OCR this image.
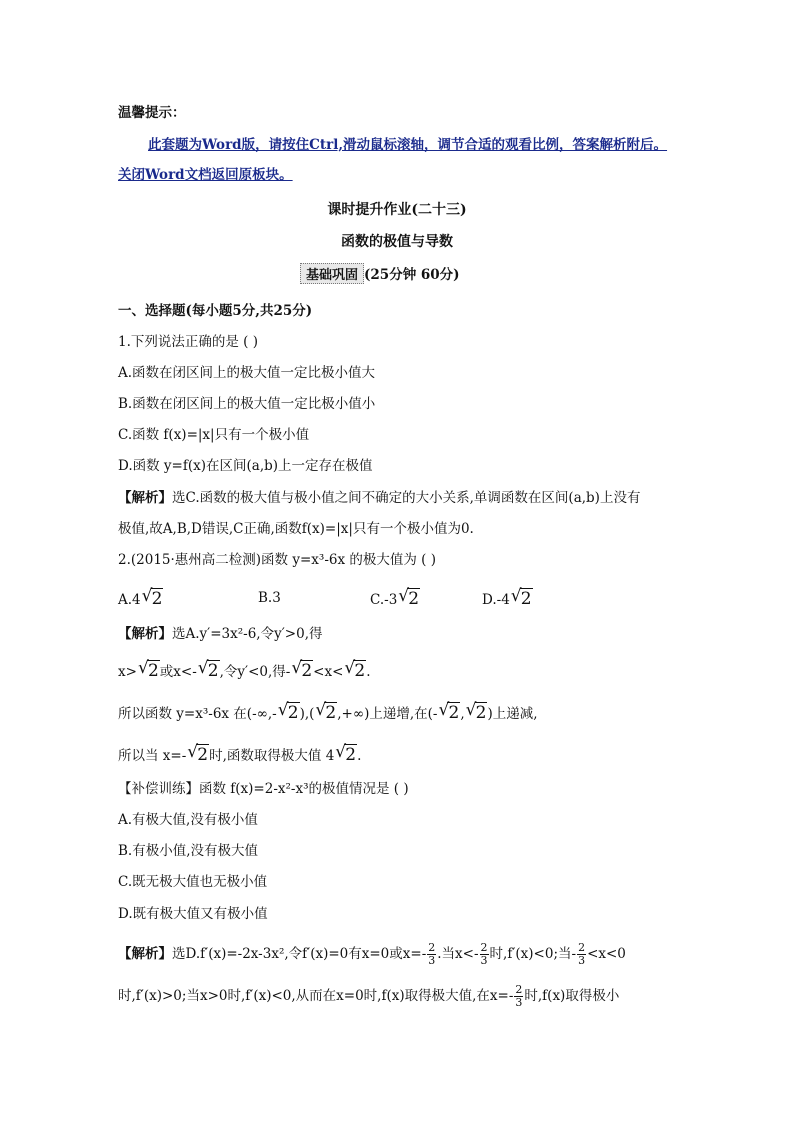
温馨提示：
此套题为Word版，请按住Ctrl,滑动鼠标滚轴，调节合适的观看比例，答案解析附后。
关闭Word文档返回原板块。
课时提升作业(二十三)
函数的极值与导数
基础巩固 (25分钟 60分)
一、选择题(每小题5分,共25分)
1.下列说法正确的是 ( )
A.函数在闭区间上的极大值一定比极小值大
B.函数在闭区间上的极大值一定比极小值小
C.函数 f(x)=|x|只有一个极小值
D.函数 y=f(x)在区间(a,b)上一定存在极值
【解析】选C.函数的极大值与极小值之间不确定的大小关系,单调函数在区间(a,b)上没有
极值,故A,B,D错误,C正确,函数f(x)=|x|只有一个极小值为0.
2.(2015·惠州高二检测)函数 y=x³-6x 的极大值为 ( )
A.4 √ 2	B.3	C.-3 √ 2	D.-4 √ 2
【解析】选A.y′=3x²-6,令y′>0,得
x> √ 2或x<- √ 2,令y′<0,得- √ 2<x< √ 2.
所以函数 y=x³-6x 在(-∞,- √ 2),( √ 2,+∞)上递增,在(- √ 2, √ 2)上递减,
所以当 x=- √ 2时,函数取得极大值 4 √ 2.
【补偿训练】函数 f(x)=2-x²-x³的极值情况是 ( )
A.有极大值,没有极小值
B.有极小值,没有极大值
C.既无极大值也无极小值
D.既有极大值又有极小值
【解析】选D.f′(x)=-2x-3x²,令f′(x)=0有x=0或$x=- \frac{2}{3}$ .当$x<- \frac{2}{3}$ 时,f′(x)<0;当- $\frac{2}{3} <x<0$
时,f′(x)>0;当x>0时,f′(x)<0,从而在x=0时,f(x)取得极大值,在$x=- \frac{2}{3}$ 时,f(x)取得极小
